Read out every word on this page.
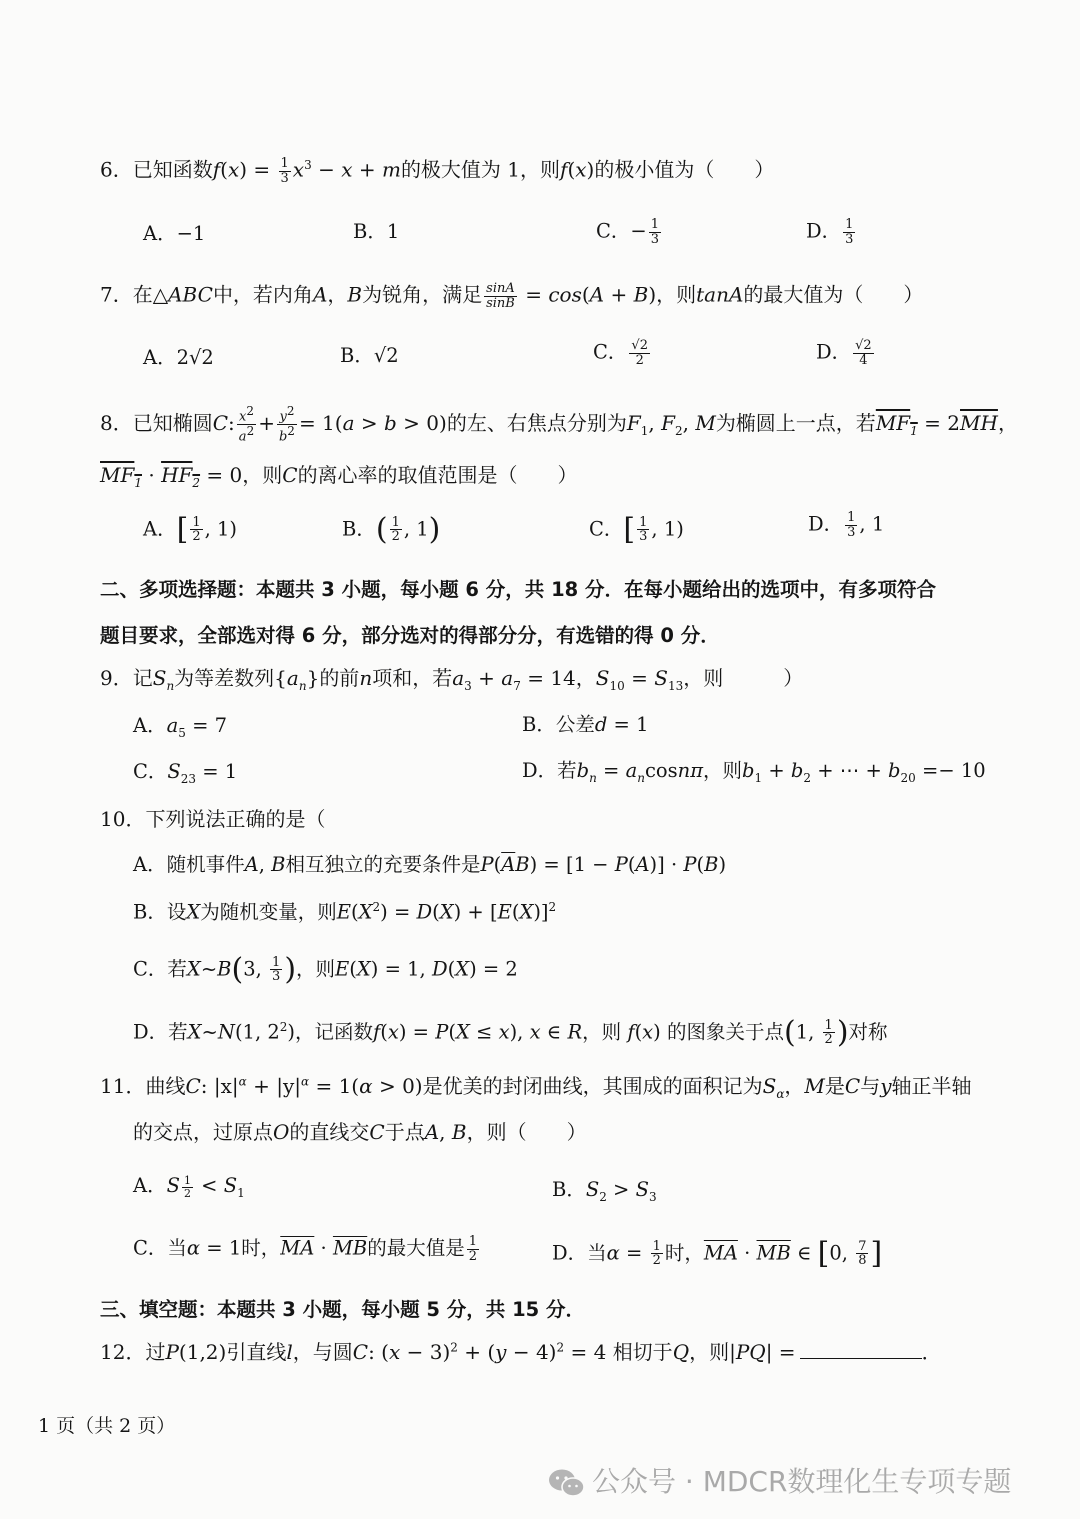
6．已知函数$f(x) = \frac{1}{3} x^3 - x + m$的极大值为 1，则f(x)的极小值为（　　）
A．−1	B．1	C．− $\frac{1}{3}$	D． $\frac{1}{3}$
7．在△ABC中，若内角A，B为锐角，满足 $\frac{\sin A}{\sin B} = \cos(A + B)$，则tanA的最大值为（　　）
A．2√2	B．√2	C． $\frac{√2}{2}$	D． $\frac{√2}{4}$
8．已知椭圆C: $\frac{x^2}{a^2} + \frac{y^2}{b^2} = 1(a > b > 0)$的左、右焦点分别为$F_1$, $F_2$, M为椭圆上一点，若$MF_1 = 2\overline{MH}$，
$MF_1 \cdot HF_2 = 0$，则C的离心率的取值范围是（　　）
A．[ $\frac{1}{2}$ , 1)	B．( $\frac{1}{2}$ , 1)	C．[ $\frac{1}{3}$ , 1)	D． $\frac{1}{3}$ , 1
二、多项选择题：本题共 3 小题，每小题 6 分，共 18 分．在每小题给出的选项中，有多项符合
题目要求，全部选对得 6 分，部分选对的得部分分，有选错的得 0 分．
9．记$S_n$为等差数列$\{a_n\}$的前n项和，若$a_3 + a_7 = 14$，$S_{10} = S_{13}$，则　　　）
A．$a_5 = 7$	B．公差d = 1
C．$S_{23} = 1$	D．若$b_n = a_n\cos n\pi$，则$b_1 + b_2$ + ⋯ + $b_{20} =- 10$
10．下列说法正确的是（
A．随机事件A, B相互独立的充要条件是$P(\overline{A}B) = [1 - P(A)] \cdot P(B)$
B．设X为随机变量，则$E(X^2) = D(X) + [E(X)]^2$
C．若X~B(3, $\frac{1}{3}$ )，则E(X) = 1, D(X) = 2
D．若X~N(1, $2^2$)，记函数f(x) = P(X ≤ x), x ∈ R，则 f(x) 的图象关于点(1, $\frac{1}{2}$ )对称
11．曲线C: $|x|^\alpha + |y|^\alpha = 1(\alpha > 0)$是优美的封闭曲线，其围成的面积记为$S_\alpha$，M是C与y轴正半轴
的交点，过原点O的直线交C于点A, B，则（　　）
A．S $\frac{1}{2} < S_1$	B．$S_2 > S_3$
C．当α = 1时，$\overline{MA} \cdot \overline{MB}$的最大值是 $\frac{1}{2}$	D．当$\alpha = \frac{1}{2}$ 时，$\overline{MA} \cdot \overline{MB}$ ∈ [0, $\frac{7}{8}$ ]
三、填空题：本题共 3 小题，每小题 5 分，共 15 分．
12．过P(1,2)引直线l，与圆C: $(x - 3)^2 + (y - 4)^2 = 4$ 相切于Q，则|PQ| =	．
1 页（共 2 页）
公众号 · MDCR数理化生专项专题
